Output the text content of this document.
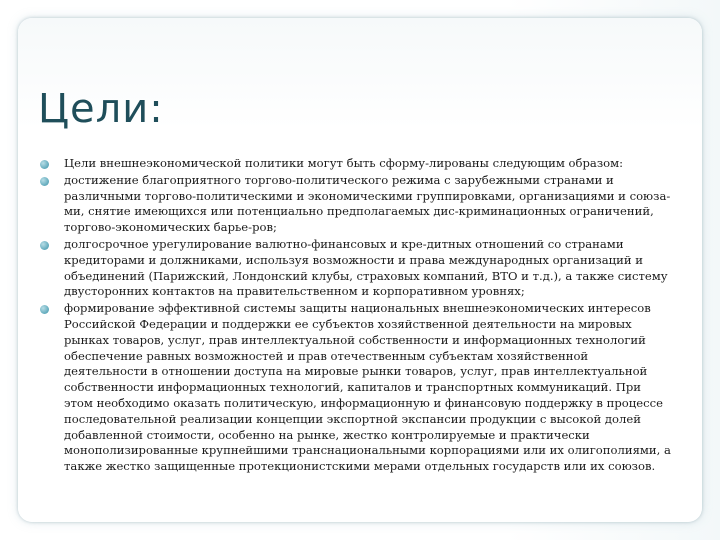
Цели:
Цели внешнеэкономической политики могут быть сформу-лированы следующим образом:
достижение благоприятного торгово-политического режима с зарубежными странами и различными торгово-политическими и экономическими группировками, организациями и союза-ми, снятие имеющихся или потенциально предполагаемых дис-криминационных ограничений, торгово-экономических барье-ров;
долгосрочное урегулирование валютно-финансовых и кре-дитных отношений со странами кредиторами и должниками, используя возможности и права международных организаций и объединений (Парижский, Лондонский клубы, страховых компаний, ВТО и т.д.), а также систему двусторонних контактов на правительственном и корпоративном уровнях;
формирование эффективной системы защиты национальных внешнеэкономических интересов Российской Федерации и поддержки ее субъектов хозяйственной деятельности на мировых рынках товаров, услуг, прав интеллектуальной собственности и информационных технологий обеспечение равных возможностей и прав отечественным субъектам хозяйственной деятельности в отношении доступа на мировые рынки товаров, услуг, прав интеллектуальной собственности информационных технологий, капиталов и транспортных коммуникаций. При этом необходимо оказать политическую, информационную и финансовую поддержку в процессе последовательной реализации концепции экспортной экспансии продукции с высокой долей добавленной стоимости, особенно на рынке, жестко контролируемые и практически монополизированные крупнейшими транснациональными корпорациями или их олигополиями, а также жестко защищенные протекционистскими мерами отдельных государств или их союзов.
